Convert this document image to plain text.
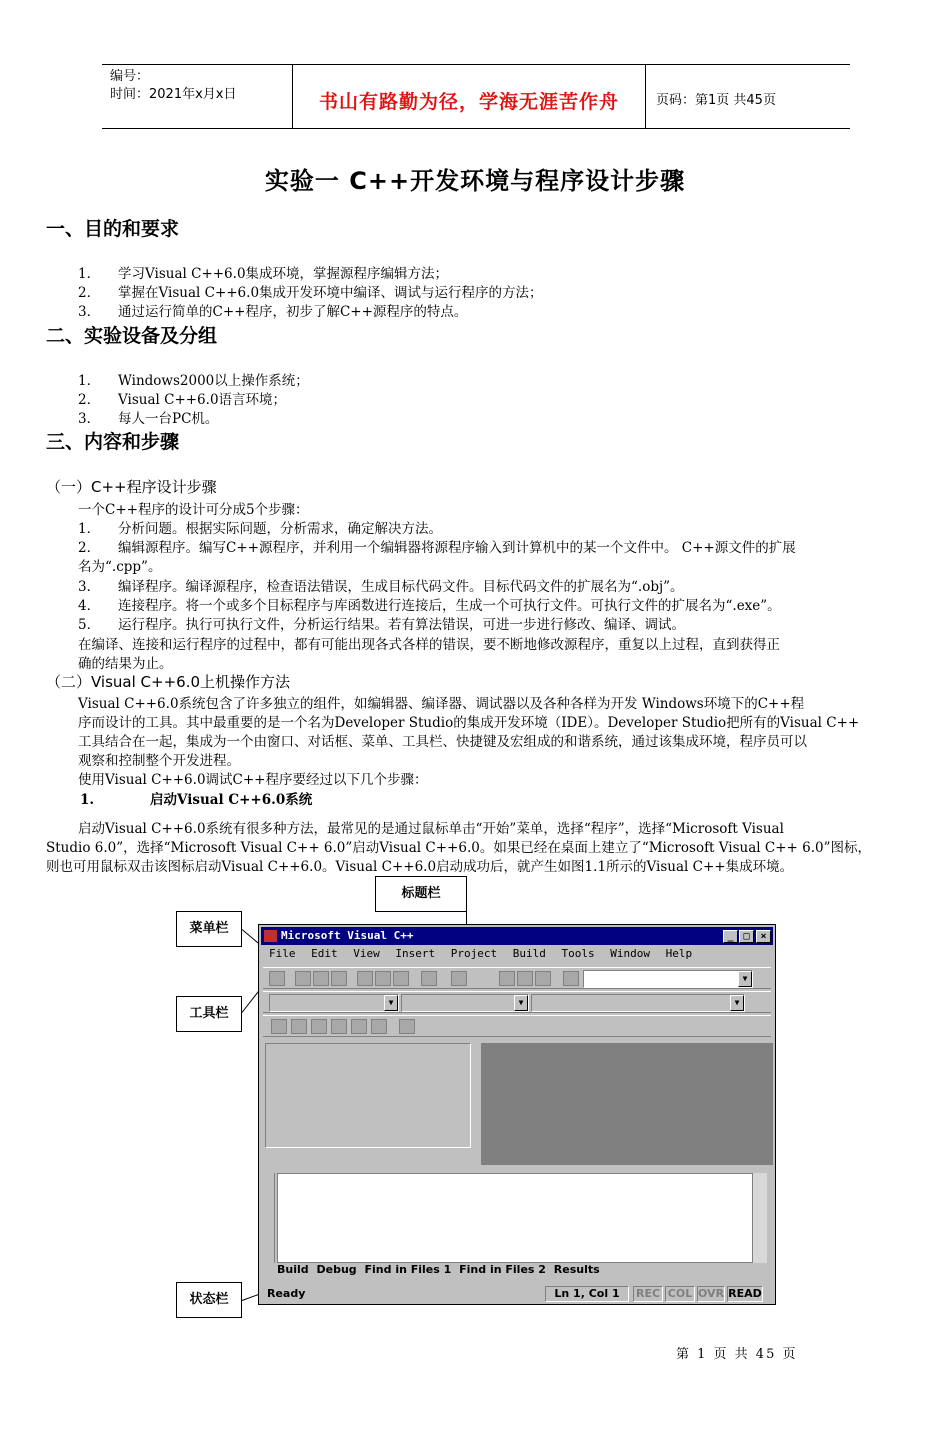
编号：
时间：2021年x月x日	书山有路勤为径，学海无涯苦作舟	页码：第1页 共45页
实验一 C++开发环境与程序设计步骤
一、目的和要求
1． 学习Visual C++6.0集成环境，掌握源程序编辑方法；
2． 掌握在Visual C++6.0集成开发环境中编译、调试与运行程序的方法；
3． 通过运行简单的C++程序，初步了解C++源程序的特点。
二、实验设备及分组
1． Windows2000以上操作系统；
2． Visual C++6.0语言环境；
3． 每人一台PC机。
三、内容和步骤
（一）C++程序设计步骤
一个C++程序的设计可分成5个步骤：
1． 分析问题。根据实际问题，分析需求，确定解决方法。
2． 编辑源程序。编写C++源程序，并利用一个编辑器将源程序输入到计算机中的某一个文件中。 C++源文件的扩展
名为“.cpp”。
3． 编译程序。编译源程序，检查语法错误，生成目标代码文件。目标代码文件的扩展名为“.obj”。
4． 连接程序。将一个或多个目标程序与库函数进行连接后，生成一个可执行文件。可执行文件的扩展名为“.exe”。
5． 运行程序。执行可执行文件，分析运行结果。若有算法错误，可进一步进行修改、编译、调试。
在编译、连接和运行程序的过程中，都有可能出现各式各样的错误，要不断地修改源程序，重复以上过程，直到获得正
确的结果为止。
（二）Visual C++6.0上机操作方法
Visual C++6.0系统包含了许多独立的组件，如编辑器、编译器、调试器以及各种各样为开发 Windows环境下的C++程
序而设计的工具。其中最重要的是一个名为Developer Studio的集成开发环境（IDE）。Developer Studio把所有的Visual C++
工具结合在一起，集成为一个由窗口、对话框、菜单、工具栏、快捷键及宏组成的和谐系统，通过该集成环境，程序员可以
观察和控制整个开发进程。
使用Visual C++6.0调试C++程序要经过以下几个步骤：
1.	启动Visual C++6.0系统
启动Visual C++6.0系统有很多种方法，最常见的是通过鼠标单击“开始”菜单，选择“程序”，选择“Microsoft Visual
Studio 6.0”，选择“Microsoft Visual C++ 6.0”启动Visual C++6.0。如果已经在桌面上建立了“Microsoft Visual C++ 6.0”图标，
则也可用鼠标双击该图标启动Visual C++6.0。Visual C++6.0启动成功后，就产生如图1.1所示的Visual C++集成环境。
标题栏
菜单栏
工具栏
状态栏
Microsoft Visual C++	_ □	×
File Edit View Insert Project Build Tools Window Help
▼
▼	▼	▼
Build Debug Find in Files 1 Find in Files 2 Results
Ready	Ln 1, Col 1	REC COL OVR READ
第 1 页 共 45 页
